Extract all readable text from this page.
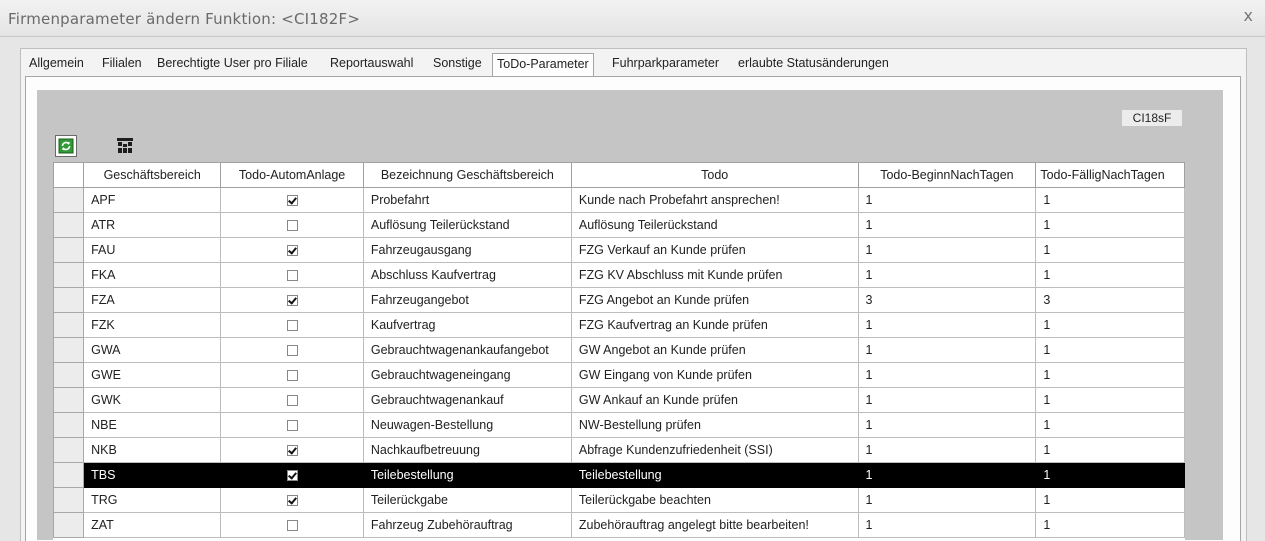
Firmenparameter ändern Funktion: <CI182F>	x
Allgemein Filialen Berechtigte User pro Filiale Reportauswahl Sonstige	ToDo-Parameter	Fuhrparkparameter erlaubte Statusänderungen
CI18sF
	Geschäftsbereich	Todo-AutomAnlage	Bezeichnung Geschäftsbereich	Todo	Todo-BeginnNachTagen	Todo-FälligNachTagen
	APF		Probefahrt	Kunde nach Probefahrt ansprechen!	1	1
	ATR		Auflösung Teilerückstand	Auflösung Teilerückstand	1	1
	FAU		Fahrzeugausgang	FZG Verkauf an Kunde prüfen	1	1
	FKA		Abschluss Kaufvertrag	FZG KV Abschluss mit Kunde prüfen	1	1
	FZA		Fahrzeugangebot	FZG Angebot an Kunde prüfen	3	3
	FZK		Kaufvertrag	FZG Kaufvertrag an Kunde prüfen	1	1
	GWA		Gebrauchtwagenankaufangebot	GW Angebot an Kunde prüfen	1	1
	GWE		Gebrauchtwageneingang	GW Eingang von Kunde prüfen	1	1
	GWK		Gebrauchtwagenankauf	GW Ankauf an Kunde prüfen	1	1
	NBE		Neuwagen-Bestellung	NW-Bestellung prüfen	1	1
	NKB		Nachkaufbetreuung	Abfrage Kundenzufriedenheit (SSI)	1	1
	TBS		Teilebestellung	Teilebestellung	1	1
	TRG		Teilerückgabe	Teilerückgabe beachten	1	1
	ZAT		Fahrzeug Zubehörauftrag	Zubehörauftrag angelegt bitte bearbeiten!	1	1
